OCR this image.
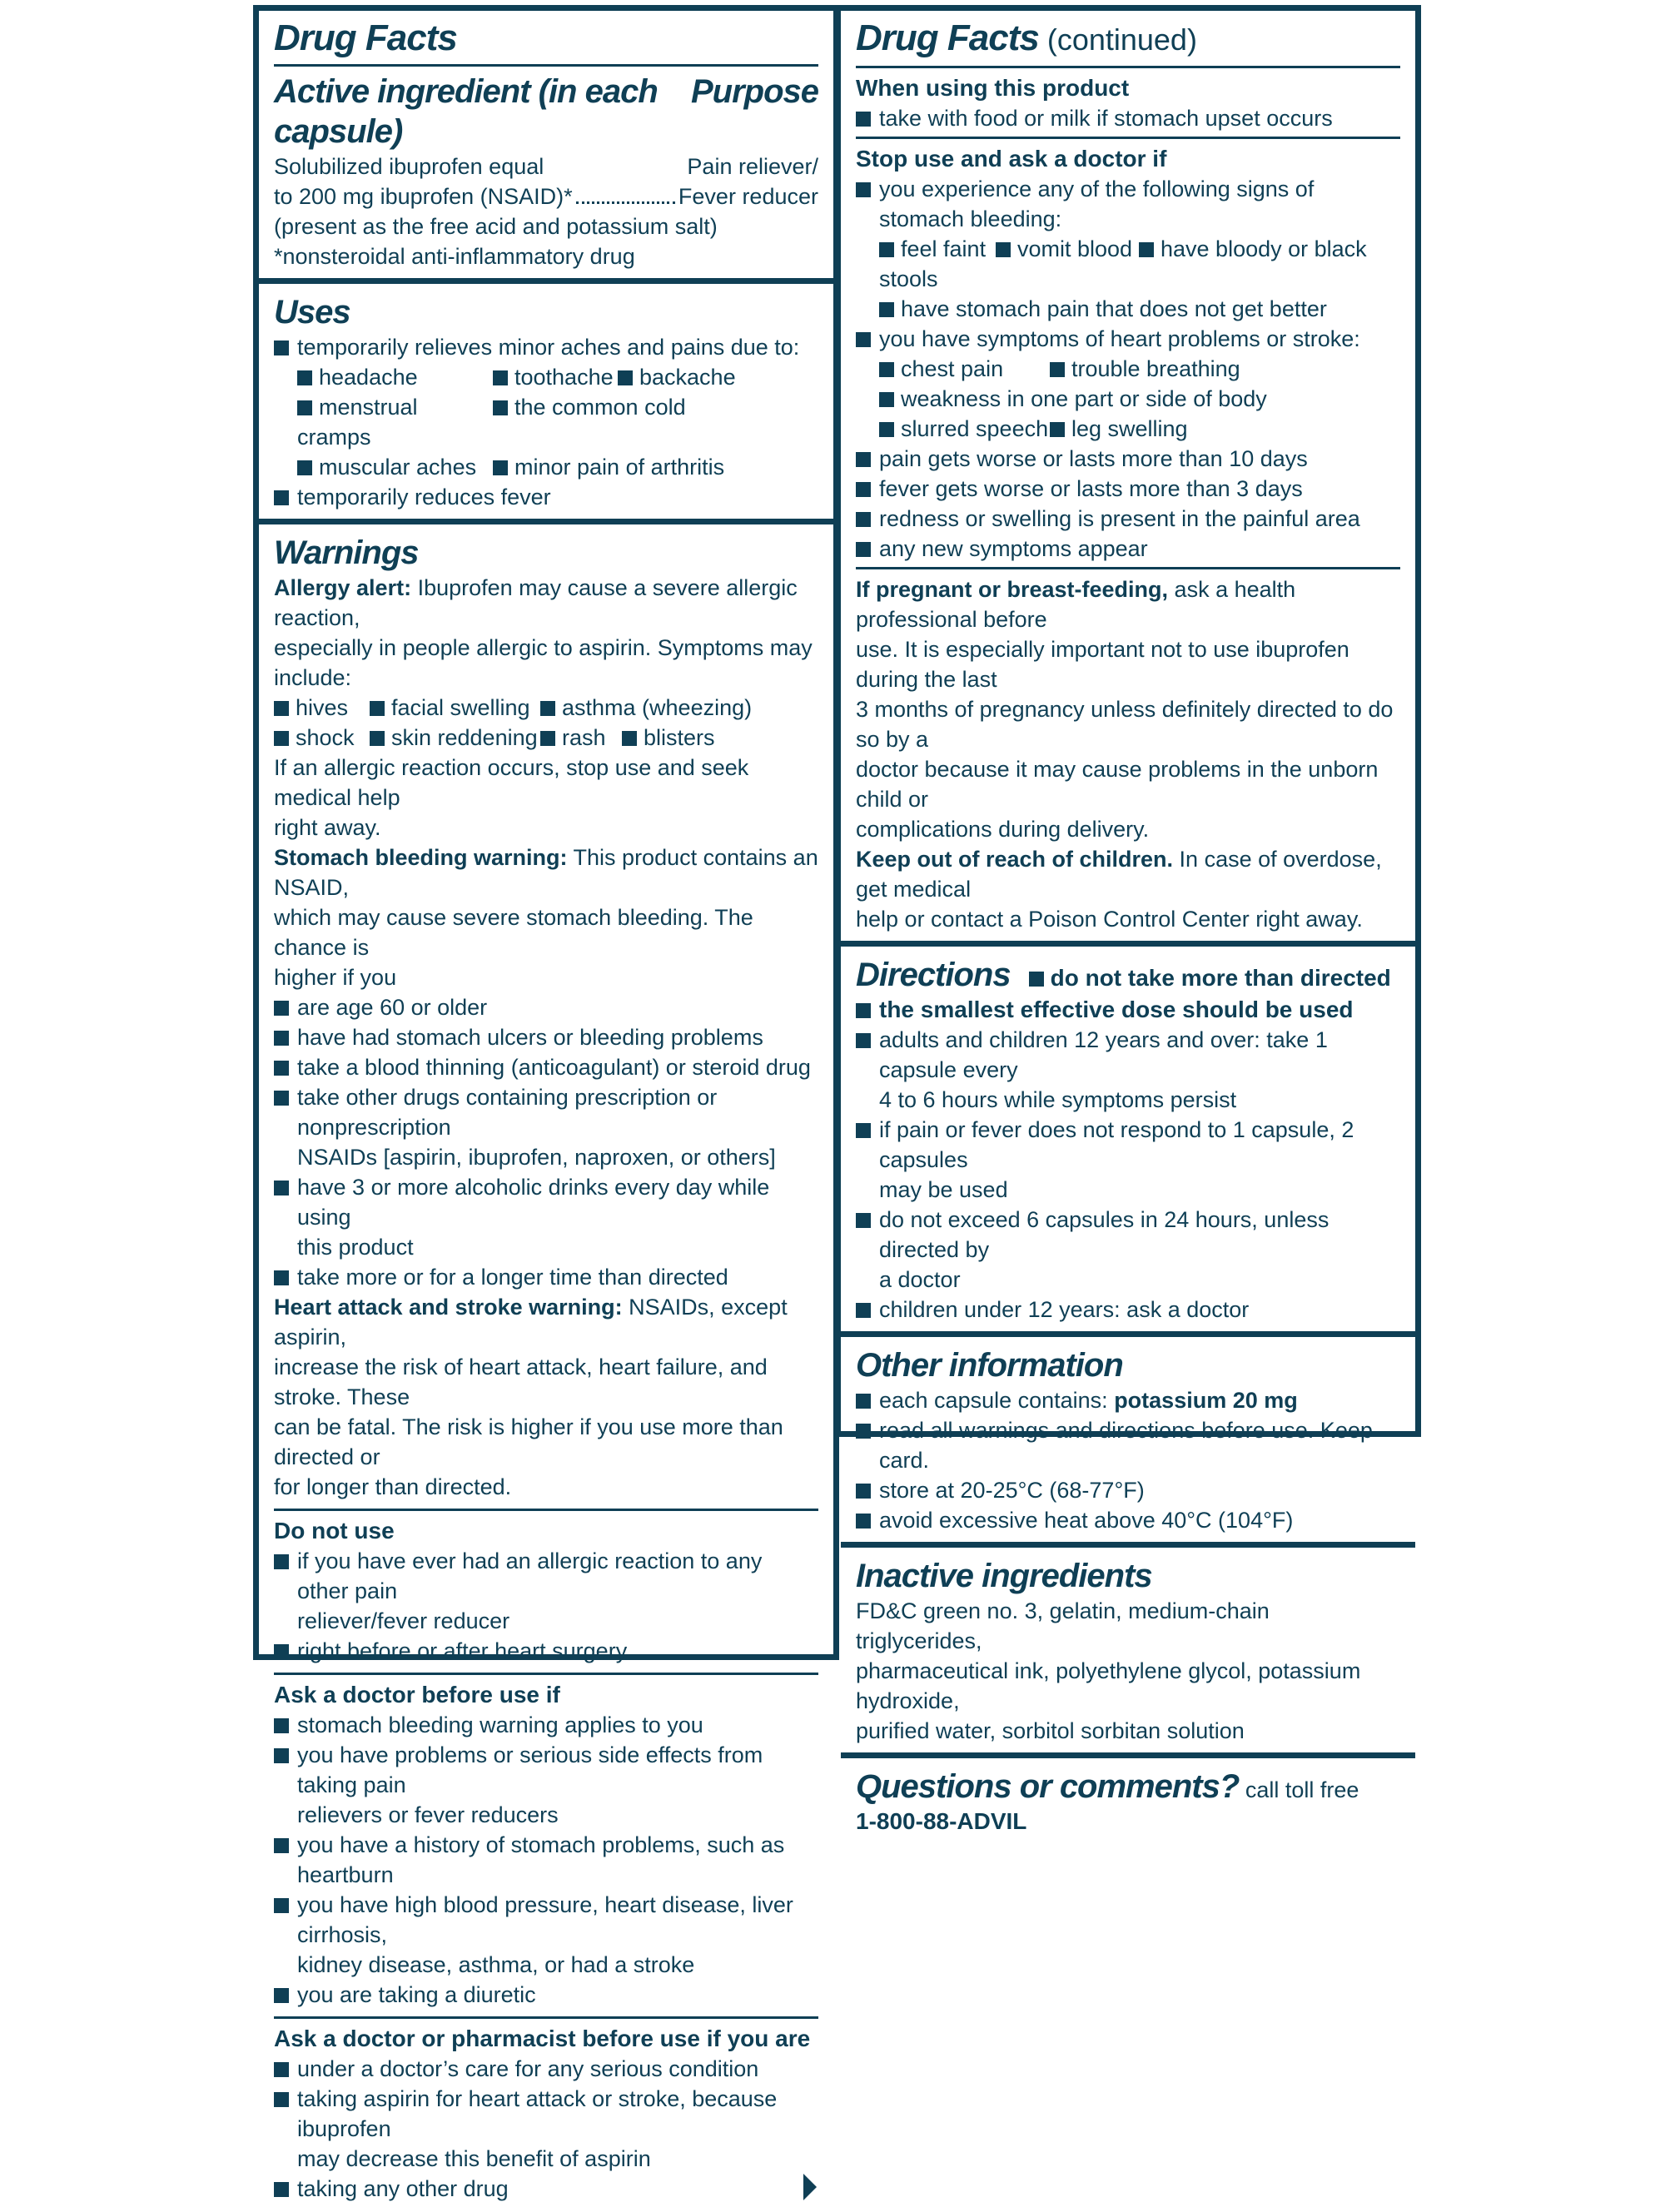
Drug Facts
Active ingredient (in each capsule)
Purpose
Solubilized ibuprofen equal	Pain reliever/
to 200 mg ibuprofen (NSAID)*	Fever reducer
(present as the free acid and potassium salt)
*nonsteroidal anti-inflammatory drug
Uses
temporarily relieves minor aches and pains due to:
headache	toothache	backache
menstrual cramps
the common cold
muscular aches	minor pain of arthritis
temporarily reduces fever
Warnings
Allergy alert: Ibuprofen may cause a severe allergic reaction,
especially in people allergic to aspirin. Symptoms may include:
hives facial swelling asthma (wheezing)
shock skin reddening rash blisters
If an allergic reaction occurs, stop use and seek medical help
right away.
Stomach bleeding warning: This product contains an NSAID,
which may cause severe stomach bleeding. The chance is
higher if you
are age 60 or older
have had stomach ulcers or bleeding problems
take a blood thinning (anticoagulant) or steroid drug
take other drugs containing prescription or nonprescription
NSAIDs [aspirin, ibuprofen, naproxen, or others]
have 3 or more alcoholic drinks every day while using
this product
take more or for a longer time than directed
Heart attack and stroke warning: NSAIDs, except aspirin,
increase the risk of heart attack, heart failure, and stroke. These
can be fatal. The risk is higher if you use more than directed or
for longer than directed.
Do not use
if you have ever had an allergic reaction to any other pain
reliever/fever reducer
right before or after heart surgery
Ask a doctor before use if
stomach bleeding warning applies to you
you have problems or serious side effects from taking pain
relievers or fever reducers
you have a history of stomach problems, such as heartburn
you have high blood pressure, heart disease, liver cirrhosis,
kidney disease, asthma, or had a stroke
you are taking a diuretic
Ask a doctor or pharmacist before use if you are
under a doctor’s care for any serious condition
taking aspirin for heart attack or stroke, because ibuprofen
may decrease this benefit of aspirin
taking any other drug
Drug Facts (continued)
When using this product
take with food or milk if stomach upset occurs
Stop use and ask a doctor if
you experience any of the following signs of
stomach bleeding:
feel faint vomit blood have bloody or black stools
have stomach pain that does not get better
you have symptoms of heart problems or stroke:
chest pain	trouble breathing
weakness in one part or side of body
slurred speech leg swelling
pain gets worse or lasts more than 10 days
fever gets worse or lasts more than 3 days
redness or swelling is present in the painful area
any new symptoms appear
If pregnant or breast-feeding, ask a health professional before
use. It is especially important not to use ibuprofen during the last
3 months of pregnancy unless definitely directed to do so by a
doctor because it may cause problems in the unborn child or
complications during delivery.
Keep out of reach of children. In case of overdose, get medical
help or contact a Poison Control Center right away.
Directions	do not take more than directed
the smallest effective dose should be used
adults and children 12 years and over: take 1 capsule every
4 to 6 hours while symptoms persist
if pain or fever does not respond to 1 capsule, 2 capsules
may be used
do not exceed 6 capsules in 24 hours, unless directed by
a doctor
children under 12 years: ask a doctor
Other information
each capsule contains: potassium 20 mg
read all warnings and directions before use. Keep card.
store at 20-25°C (68-77°F)
avoid excessive heat above 40°C (104°F)
Inactive ingredients
FD&C green no. 3, gelatin, medium-chain triglycerides,
pharmaceutical ink, polyethylene glycol, potassium hydroxide,
purified water, sorbitol sorbitan solution
Questions or comments? call toll free
1-800-88-ADVIL
